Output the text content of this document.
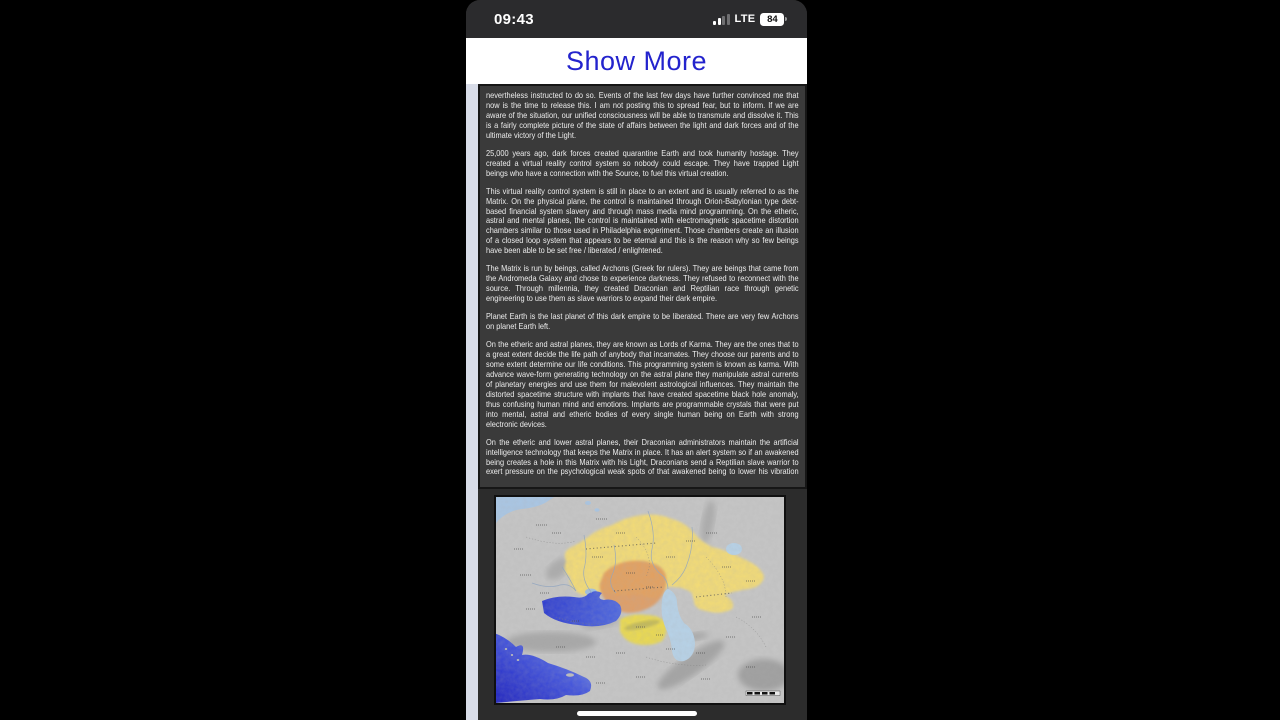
09:43	LTE	84
Show More

nevertheless instructed to do so. Events of the last few days have further convinced me that now is the time to release this. I am not posting this to spread fear, but to inform. If we are aware of the situation, our unified consciousness will be able to transmute and dissolve it. This is a fairly complete picture of the state of affairs between the light and dark forces and of the ultimate victory of the Light.

25,000 years ago, dark forces created quarantine Earth and took humanity hostage. They created a virtual reality control system so nobody could escape. They have trapped Light beings who have a connection with the Source, to fuel this virtual creation.

This virtual reality control system is still in place to an extent and is usually referred to as the Matrix. On the physical plane, the control is maintained through Orion-Babylonian type debt-based financial system slavery and through mass media mind programming. On the etheric, astral and mental planes, the control is maintained with electromagnetic spacetime distortion chambers similar to those used in Philadelphia experiment. Those chambers create an illusion of a closed loop system that appears to be eternal and this is the reason why so few beings have been able to be set free / liberated / enlightened.

The Matrix is run by beings, called Archons (Greek for rulers). They are beings that came from the Andromeda Galaxy and chose to experience darkness. They refused to reconnect with the source. Through millennia, they created Draconian and Reptilian race through genetic engineering to use them as slave warriors to expand their dark empire.

Planet Earth is the last planet of this dark empire to be liberated. There are very few Archons on planet Earth left.

On the etheric and astral planes, they are known as Lords of Karma. They are the ones that to a great extent decide the life path of anybody that incarnates. They choose our parents and to some extent determine our life conditions. This programming system is known as karma. With advance wave-form generating technology on the astral plane they manipulate astral currents of planetary energies and use them for malevolent astrological influences. They maintain the distorted spacetime structure with implants that have created spacetime black hole anomaly, thus confusing human mind and emotions. Implants are programmable crystals that were put into mental, astral and etheric bodies of every single human being on Earth with strong electronic devices.

On the etheric and lower astral planes, their Draconian administrators maintain the artificial intelligence technology that keeps the Matrix in place. It has an alert system so if an awakened being creates a hole in this Matrix with his Light, Draconians send a Reptilian slave warrior to exert pressure on the psychological weak spots of that awakened being to lower his vibration
